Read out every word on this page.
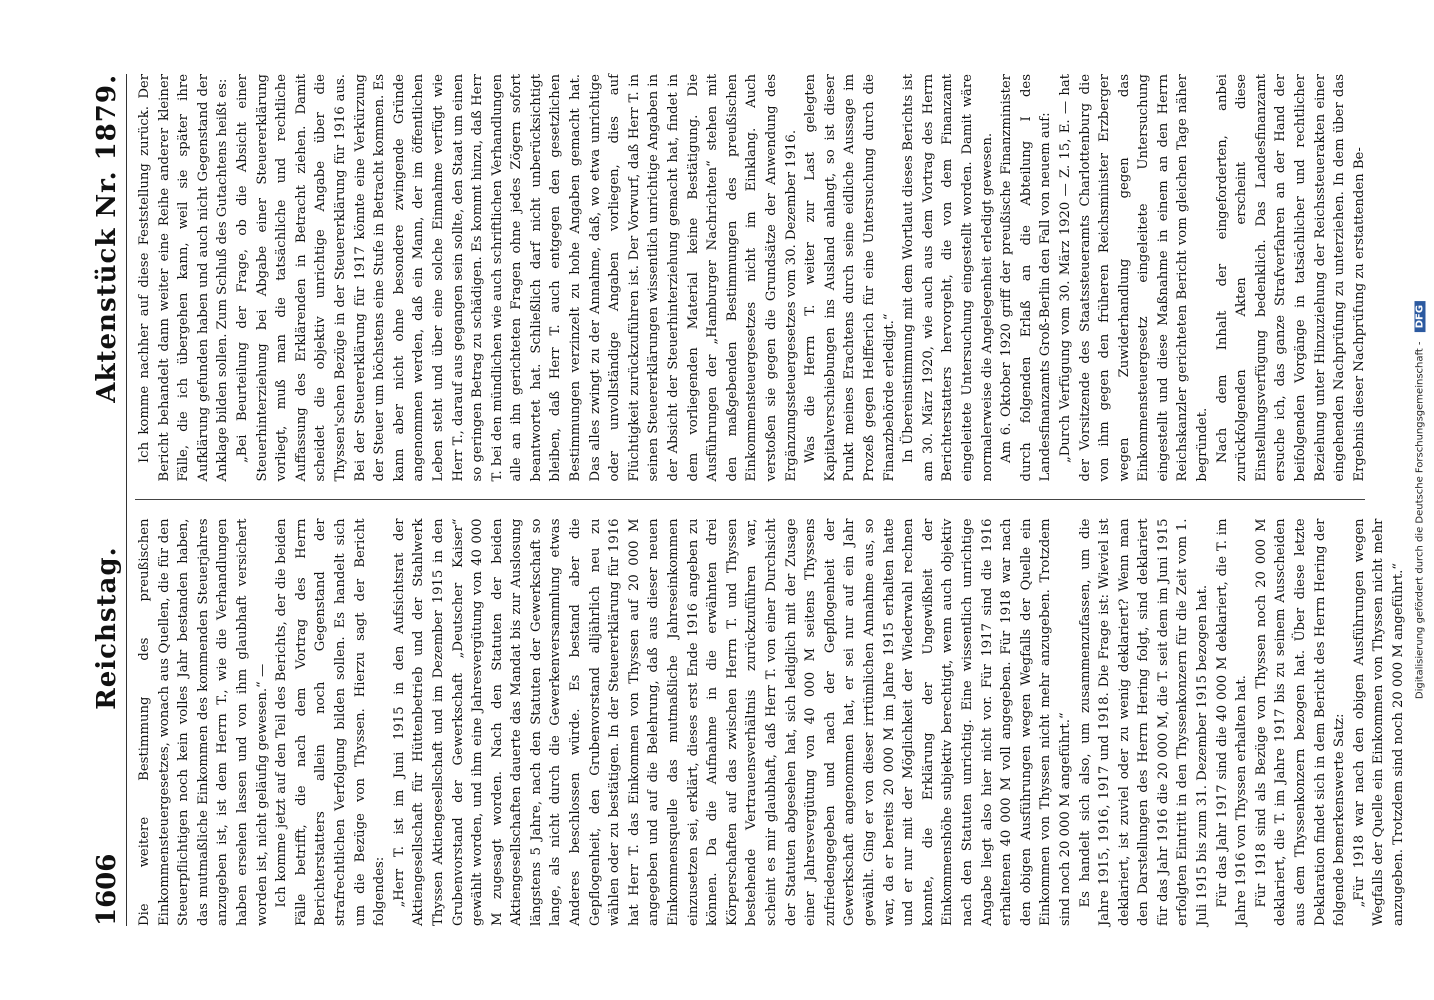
1606
Reichstag.
Aktenstück Nr. 1879.

Die weitere Bestimmung des preußischen Einkommensteuergesetzes, wonach aus Quellen, die für den Steuerpflichtigen noch kein volles Jahr bestanden haben, das mutmaßliche Einkommen des kommenden Steuerjahres anzugeben ist, ist dem Herrn T., wie die Verhandlungen haben ersehen lassen und von ihm glaubhaft versichert worden ist, nicht geläufig gewesen.“ — Ich komme jetzt auf den Teil des Berichts, der die beiden Fälle betrifft, die nach dem Vortrag des Herrn Berichterstatters allein noch Gegenstand der strafrechtlichen Verfolgung bilden sollen. Es handelt sich um die Bezüge von Thyssen. Hierzu sagt der Bericht folgendes: „Herr T. ist im Juni 1915 in den Aufsichtsrat der Aktiengesellschaft für Hüttenbetrieb und der Stahlwerk Thyssen Aktiengesellschaft und im Dezember 1915 in den Grubenvorstand der Gewerkschaft „Deutscher Kaiser“ gewählt worden, und ihm eine Jahresvergütung von 40 000 M zugesagt worden. Nach den Statuten der beiden Aktiengesellschaften dauerte das Mandat bis zur Auslosung längstens 5 Jahre, nach den Statuten der Gewerkschaft so lange, als nicht durch die Gewerkenversammlung etwas Anderes beschlossen würde. Es bestand aber die Gepflogenheit, den Grubenvorstand alljährlich neu zu wählen oder zu bestätigen. In der Steuererklärung für 1916 hat Herr T. das Einkommen von Thyssen auf 20 000 M angegeben und auf die Belehrung, daß aus dieser neuen Einkommensquelle das mutmaßliche Jahreseinkommen einzusetzen sei, erklärt, dieses erst Ende 1916 angeben zu können. Da die Aufnahme in die erwähnten drei Körperschaften auf das zwischen Herrn T. und Thyssen bestehende Vertrauensverhältnis zurückzuführen war, scheint es mir glaubhaft, daß Herr T. von einer Durchsicht der Statuten abgesehen hat, sich lediglich mit der Zusage einer Jahresvergütung von 40 000 M seitens Thyssens zufriedengegeben und nach der Gepflogenheit der Gewerkschaft angenommen hat, er sei nur auf ein Jahr gewählt. Ging er von dieser irrtümlichen Annahme aus, so war, da er bereits 20 000 M im Jahre 1915 erhalten hatte und er nur mit der Möglichkeit der Wiederwahl rechnen konnte, die Erklärung der Ungewißheit der Einkommenshöhe subjektiv berechtigt, wenn auch objektiv nach den Statuten unrichtig. Eine wissentlich unrichtige Angabe liegt also hier nicht vor. Für 1917 sind die 1916 erhaltenen 40 000 M voll angegeben. Für 1918 war nach den obigen Ausführungen wegen Wegfalls der Quelle ein Einkommen von Thyssen nicht mehr anzugeben. Trotzdem sind noch 20 000 M angeführt.“ Es handelt sich also, um zusammenzufassen, um die Jahre 1915, 1916, 1917 und 1918. Die Frage ist: Wieviel ist deklariert, ist zuviel oder zu wenig deklariert? Wenn man den Darstellungen des Herrn Hering folgt, sind deklariert für das Jahr 1916 die 20 000 M, die T. seit dem im Juni 1915 erfolgten Eintritt in den Thyssenkonzern für die Zeit vom 1. Juli 1915 bis zum 31. Dezember 1915 bezogen hat. Für das Jahr 1917 sind die 40 000 M deklariert, die T. im Jahre 1916 von Thyssen erhalten hat. Für 1918 sind als Bezüge von Thyssen noch 20 000 M deklariert, die T. im Jahre 1917 bis zu seinem Ausscheiden aus dem Thyssenkonzern bezogen hat. Über diese letzte Deklaration findet sich in dem Bericht des Herrn Hering der folgende bemerkenswerte Satz: „Für 1918 war nach den obigen Ausführungen wegen Wegfalls der Quelle ein Einkommen von Thyssen nicht mehr anzugeben. Trotzdem sind noch 20 000 M angeführt.“

Ich komme nachher auf diese Feststellung zurück. Der Bericht behandelt dann weiter eine Reihe anderer kleiner Fälle, die ich übergehen kann, weil sie später ihre Aufklärung gefunden haben und auch nicht Gegenstand der Anklage bilden sollen. Zum Schluß des Gutachtens heißt es: „Bei Beurteilung der Frage, ob die Absicht einer Steuerhinterziehung bei Abgabe einer Steuererklärung vorliegt, muß man die tatsächliche und rechtliche Auffassung des Erklärenden in Betracht ziehen. Damit scheidet die objektiv unrichtige Angabe über die Thyssen'schen Bezüge in der Steuererklärung für 1916 aus. Bei der Steuererklärung für 1917 könnte eine Verkürzung der Steuer um höchstens eine Stufe in Betracht kommen. Es kann aber nicht ohne besondere zwingende Gründe angenommen werden, daß ein Mann, der im öffentlichen Leben steht und über eine solche Einnahme verfügt wie Herr T., darauf aus gegangen sein sollte, den Staat um einen so geringen Betrag zu schädigen. Es kommt hinzu, daß Herr T. bei den mündlichen wie auch schriftlichen Verhandlungen alle an ihn gerichteten Fragen ohne jedes Zögern sofort beantwortet hat. Schließlich darf nicht unberücksichtigt bleiben, daß Herr T. auch entgegen den gesetzlichen Bestimmungen verzinzelt zu hohe Angaben gemacht hat. Das alles zwingt zu der Annahme, daß, wo etwa unrichtige oder unvollständige Angaben vorliegen, dies auf Flüchtigkeit zurückzuführen ist. Der Vorwurf, daß Herr T. in seinen Steuererklärungen wissentlich unrichtige Angaben in der Absicht der Steuerhinterziehung gemacht hat, findet in dem vorliegenden Material keine Bestätigung. Die Ausführungen der „Hamburger Nachrichten“ stehen mit den maßgebenden Bestimmungen des preußischen Einkommensteuergesetzes nicht im Einklang. Auch verstoßen sie gegen die Grundsätze der Anwendung des Ergänzungssteuergesetzes vom 30. Dezember 1916. Was die Herrn T. weiter zur Last gelegten Kapitalverschiebungen ins Ausland anlangt, so ist dieser Punkt meines Erachtens durch seine eidliche Aussage im Prozeß gegen Helfferich für eine Untersuchung durch die Finanzbehörde erledigt.“ In Übereinstimmung mit dem Wortlaut dieses Berichts ist am 30. März 1920, wie auch aus dem Vortrag des Herrn Berichterstatters hervorgeht, die von dem Finanzamt eingeleitete Untersuchung eingestellt worden. Damit wäre normalerweise die Angelegenheit erledigt gewesen. Am 6. Oktober 1920 griff der preußische Finanzminister durch folgenden Erlaß an die Abteilung I des Landesfinanzamts Groß-Berlin den Fall von neuem auf: „Durch Verfügung vom 30. März 1920 — Z. 15, E. — hat der Vorsitzende des Staatssteueramts Charlottenburg die von ihm gegen den früheren Reichsminister Erzberger wegen Zuwiderhandlung gegen das Einkommensteuergesetz eingeleitete Untersuchung eingestellt und diese Maßnahme in einem an den Herrn Reichskanzler gerichteten Bericht vom gleichen Tage näher begründet. Nach dem Inhalt der eingeforderten, anbei zurückfolgenden Akten erscheint diese Einstellungsverfügung bedenklich. Das Landesfinanzamt ersuche ich, das ganze Strafverfahren an der Hand der beifolgenden Vorgänge in tatsächlicher und rechtlicher Beziehung unter Hinzuziehung der Reichssteuerakten einer eingehenden Nachprüfung zu unterziehen. In dem über das Ergebnis dieser Nachprüfung zu erstattenden Be-

Digitalisierung gefördert durch die Deutsche Forschungsgemeinschaft - DFG
